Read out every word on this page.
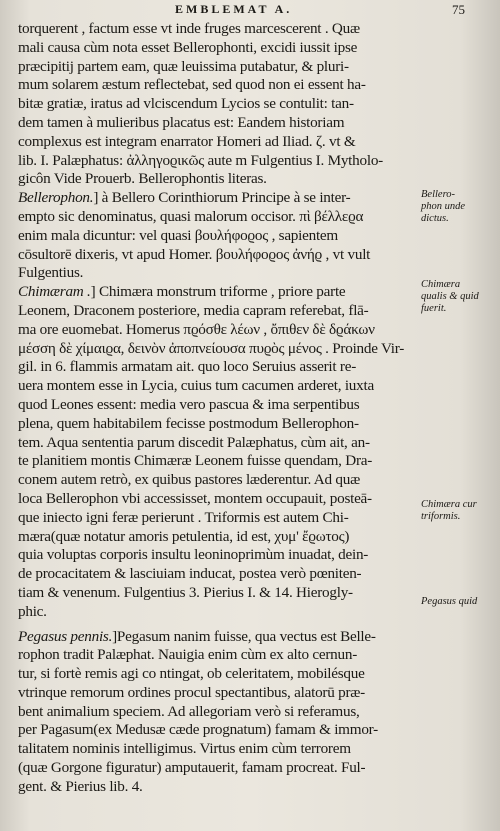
EMBLEMAT A.	75
torquerent , factum esse vt inde fruges marcescerent . Quæ
mali causa cùm nota esset Bellerophonti, excidi iussit ipse
præcipitij partem eam, quæ leuissima putabatur, & pluri-
mum solarem æstum reflectebat, sed quod non ei essent ha-
bitæ gratiæ, iratus ad vlciscendum Lycios se contulit: tan-
dem tamen à mulieribus placatus est: Eandem historiam
complexus est integram enarrator Homeri ad Iliad. ζ. vt &
lib. I. Palæphatus: ἀλληγοϱικῶς aute m Fulgentius I. Mytholo-
gicôn Vide Prouerb. Bellerophontis literas.
Bellerophon.] à Bellero Corinthiorum Principe à se inter-
empto sic denominatus, quasi malorum occisor. πὶ βέλλεϱα
enim mala dicuntur: vel quasi βουλήφοϱος , sapientem
cōsultorē dixeris, vt apud Homer. βουλήφοϱος ἀνήϱ , vt vult
Fulgentius.
Chimæram .] Chimæra monstrum triforme , priore parte
Leonem, Draconem posteriore, media capram referebat, flā-
ma ore euomebat. Homerus πϱόσθε λέων , ὄπιθεν δὲ δϱάκων
μέσση δὲ χίμαιϱα, δεινὸν ἀποπνείουσα πυϱὸς μένος . Proinde Vir-
gil. in 6. flammis armatam ait. quo loco Seruius asserit re-
uera montem esse in Lycia, cuius tum cacumen arderet, iuxta
quod Leones essent: media vero pascua & ima serpentibus
plena, quem habitabilem fecisse postmodum Bellerophon-
tem. Aqua sententia parum discedit Palæphatus, cùm ait, an-
te planitiem montis Chimæræ Leonem fuisse quendam, Dra-
conem autem retrò, ex quibus pastores læderentur. Ad quæ
loca Bellerophon vbi accessisset, montem occupauit, posteā-
que iniecto igni feræ perierunt . Triformis est autem Chi-
mæra(quæ notatur amoris petulentia, id est, χυμ' ἔϱωτος)
quia voluptas corporis insultu leoninoprimùm inuadat, dein-
de procacitatem & lasciuiam inducat, postea verò pœniten-
tiam & venenum. Fulgentius 3. Pierius I. & 14. Hierogly-
phic.
Pegasus pennis.]Pegasum nanim fuisse, qua vectus est Belle-
rophon tradit Palæphat. Nauigia enim cùm ex alto cernun-
tur, si fortè remis agi co ntingat, ob celeritatem, mobilésque
vtrinque remorum ordines procul spectantibus, alatorū præ-
bent animalium speciem. Ad allegoriam verò si referamus,
per Pagasum(ex Medusæ cæde prognatum) famam & immor-
talitatem nominis intelligimus. Virtus enim cùm terrorem
(quæ Gorgone figuratur) amputauerit, famam procreat. Ful-
gent. & Pierius lib. 4.
Bellero-
phon unde
dictus.
Chimæra
qualis & quid
fuerit.
Chimæra cur
triformis.
Pegasus quid
